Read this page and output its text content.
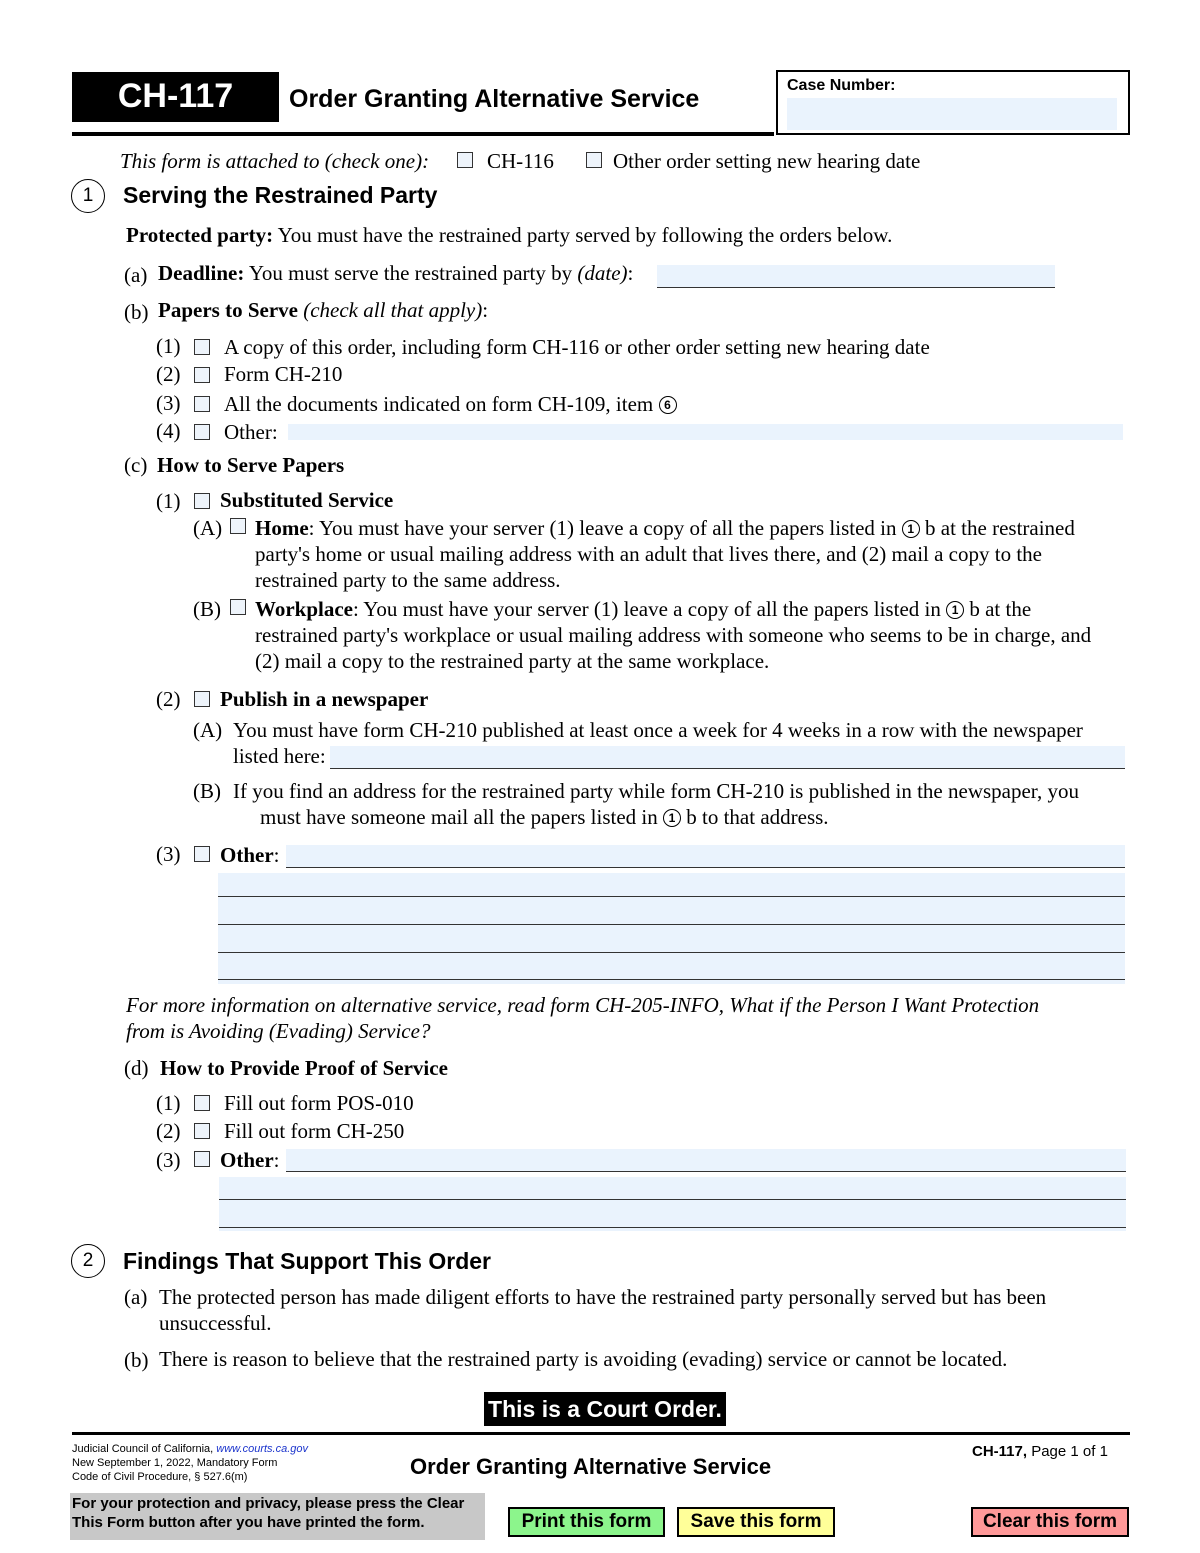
CH-117	Order Granting Alternative Service	Case Number:
This form is attached to (check one):	CH-116	Other order setting new hearing date
1	Serving the Restrained Party
Protected party: You must have the restrained party served by following the orders below.
(a) Deadline: You must serve the restrained party by (date):
(b) Papers to Serve (check all that apply):
(1) A copy of this order, including form CH-116 or other order setting new hearing date
(2) Form CH-210
(3) All the documents indicated on form CH-109, item 6
(4) Other:
(c) How to Serve Papers
(1) Substituted Service
(A) Home: You must have your server (1) leave a copy of all the papers listed in 1 b at the restrained
party's home or usual mailing address with an adult that lives there, and (2) mail a copy to the
restrained party to the same address.
(B) Workplace: You must have your server (1) leave a copy of all the papers listed in 1 b at the
restrained party's workplace or usual mailing address with someone who seems to be in charge, and
(2) mail a copy to the restrained party at the same workplace.
(2) Publish in a newspaper
(A) You must have form CH-210 published at least once a week for 4 weeks in a row with the newspaper
listed here:
(B) If you find an address for the restrained party while form CH-210 is published in the newspaper, you
must have someone mail all the papers listed in 1 b to that address.
(3) Other:
For more information on alternative service, read form CH-205-INFO, What if the Person I Want Protection
from is Avoiding (Evading) Service?
(d) How to Provide Proof of Service
(1) Fill out form POS-010
(2) Fill out form CH-250
(3) Other:
2	Findings That Support This Order
(a) The protected person has made diligent efforts to have the restrained party personally served but has been
unsuccessful.
(b) There is reason to believe that the restrained party is avoiding (evading) service or cannot be located.
This is a Court Order.
Judicial Council of California, www.courts.ca.gov
New September 1, 2022, Mandatory Form
Code of Civil Procedure, § 527.6(m)	Order Granting Alternative Service
CH-117, Page 1 of 1
For your protection and privacy, please press the Clear
This Form button after you have printed the form.	Print this form	Save this form	Clear this form
